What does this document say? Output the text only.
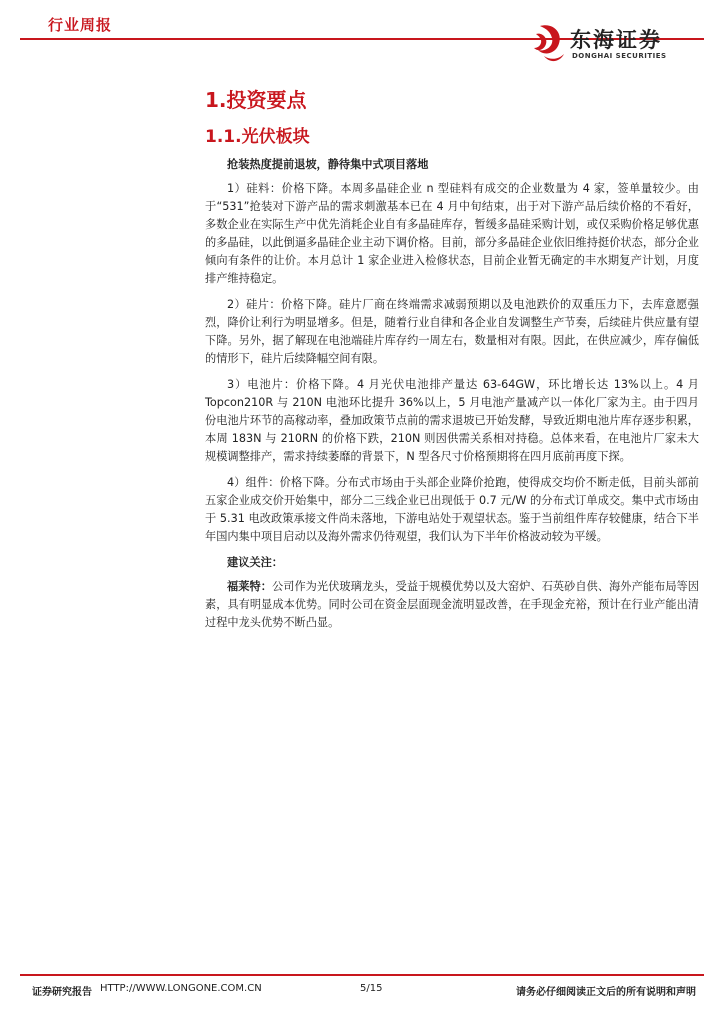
行业周报
东海证券
DONGHAI SECURITIES
1.投资要点
1.1.光伏板块

抢装热度提前退坡，静待集中式项目落地

1）硅料：价格下降。本周多晶硅企业 n 型硅料有成交的企业数量为 4 家，签单量较少。由于“531”抢装对下游产品的需求刺激基本已在 4 月中旬结束，出于对下游产品后续价格的不看好，多数企业在实际生产中优先消耗企业自有多晶硅库存，暂缓多晶硅采购计划，或仅采购价格足够优惠的多晶硅，以此倒逼多晶硅企业主动下调价格。目前，部分多晶硅企业依旧维持挺价状态，部分企业倾向有条件的让价。本月总计 1 家企业进入检修状态，目前企业暂无确定的丰水期复产计划，月度排产维持稳定。

2）硅片：价格下降。硅片厂商在终端需求减弱预期以及电池跌价的双重压力下，去库意愿强烈，降价让利行为明显增多。但是，随着行业自律和各企业自发调整生产节奏，后续硅片供应量有望下降。另外，据了解现在电池端硅片库存约一周左右，数量相对有限。因此，在供应减少，库存偏低的情形下，硅片后续降幅空间有限。

3）电池片：价格下降。4 月光伏电池排产量达 63-64GW，环比增长达 13%以上。4 月 Topcon210R 与 210N 电池环比提升 36%以上，5 月电池产量减产以一体化厂家为主。由于四月份电池片环节的高稼动率，叠加政策节点前的需求退坡已开始发酵，导致近期电池片库存逐步积累，本周 183N 与 210RN 的价格下跌，210N 则因供需关系相对持稳。总体来看，在电池片厂家未大规模调整排产，需求持续萎靡的背景下，N 型各尺寸价格预期将在四月底前再度下探。

4）组件：价格下降。分布式市场由于头部企业降价抢跑，使得成交均价不断走低，目前头部前五家企业成交价开始集中，部分二三线企业已出现低于 0.7 元/W 的分布式订单成交。集中式市场由于 5.31 电改政策承接文件尚未落地，下游电站处于观望状态。鉴于当前组件库存较健康，结合下半年国内集中项目启动以及海外需求仍待观望，我们认为下半年价格波动较为平缓。

建议关注：

福莱特：公司作为光伏玻璃龙头，受益于规模优势以及大窑炉、石英砂自供、海外产能布局等因素，具有明显成本优势。同时公司在资金层面现金流明显改善，在手现金充裕，预计在行业产能出清过程中龙头优势不断凸显。

证券研究报告 HTTP://WWW.LONGONE.COM.CN	5/15	请务必仔细阅读正文后的所有说明和声明
